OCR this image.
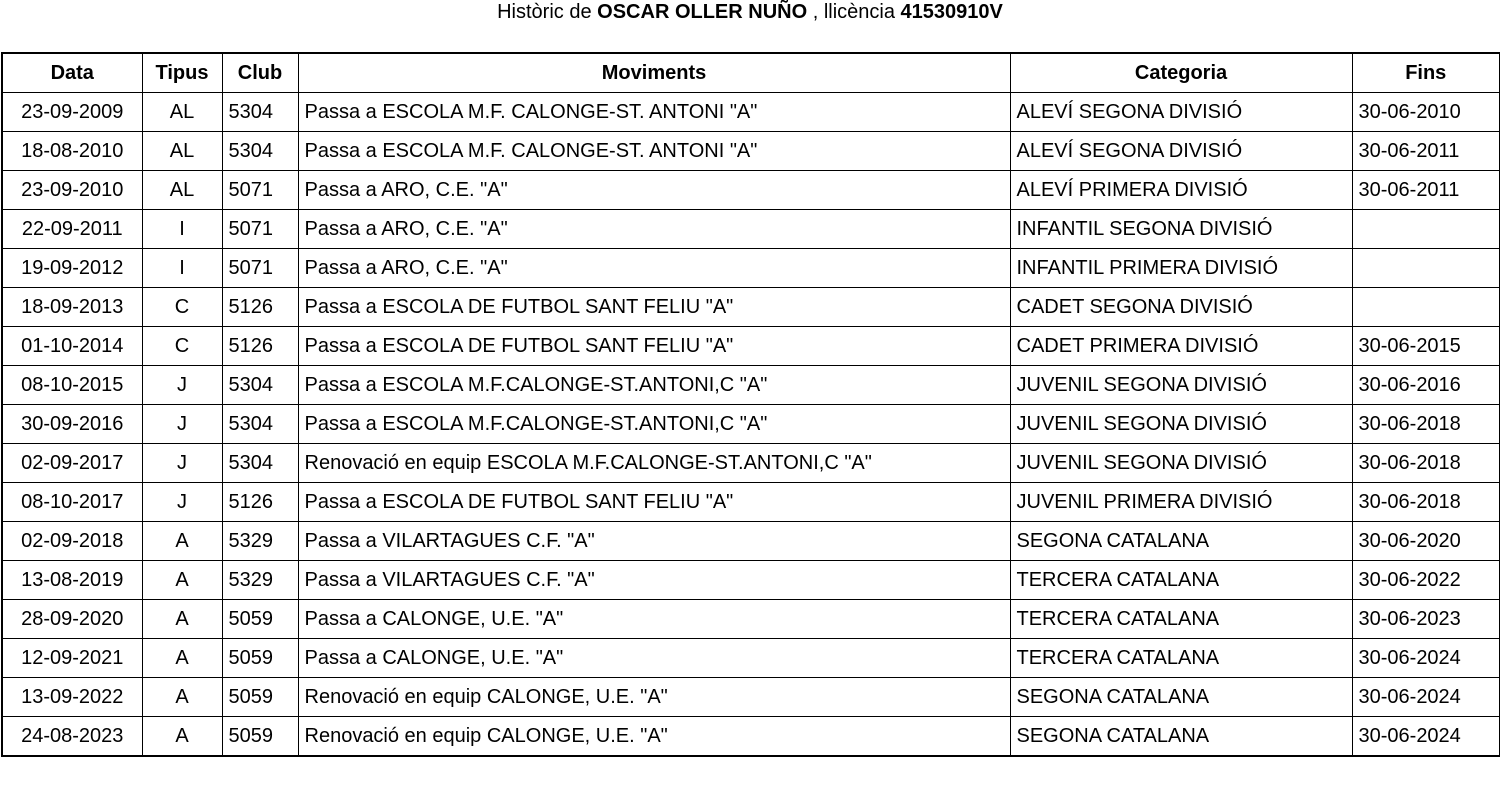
Històric de OSCAR OLLER NUÑO , llicència 41530910V
Data	Tipus	Club	Moviments	Categoria	Fins
23-09-2009	AL	5304	Passa a ESCOLA M.F. CALONGE-ST. ANTONI "A"	ALEVÍ SEGONA DIVISIÓ	30-06-2010
18-08-2010	AL	5304	Passa a ESCOLA M.F. CALONGE-ST. ANTONI "A"	ALEVÍ SEGONA DIVISIÓ	30-06-2011
23-09-2010	AL	5071	Passa a ARO, C.E. "A"	ALEVÍ PRIMERA DIVISIÓ	30-06-2011
22-09-2011	I	5071	Passa a ARO, C.E. "A"	INFANTIL SEGONA DIVISIÓ	
19-09-2012	I	5071	Passa a ARO, C.E. "A"	INFANTIL PRIMERA DIVISIÓ	
18-09-2013	C	5126	Passa a ESCOLA DE FUTBOL SANT FELIU "A"	CADET SEGONA DIVISIÓ	
01-10-2014	C	5126	Passa a ESCOLA DE FUTBOL SANT FELIU "A"	CADET PRIMERA DIVISIÓ	30-06-2015
08-10-2015	J	5304	Passa a ESCOLA M.F.CALONGE-ST.ANTONI,C "A"	JUVENIL SEGONA DIVISIÓ	30-06-2016
30-09-2016	J	5304	Passa a ESCOLA M.F.CALONGE-ST.ANTONI,C "A"	JUVENIL SEGONA DIVISIÓ	30-06-2018
02-09-2017	J	5304	Renovació en equip ESCOLA M.F.CALONGE-ST.ANTONI,C "A"	JUVENIL SEGONA DIVISIÓ	30-06-2018
08-10-2017	J	5126	Passa a ESCOLA DE FUTBOL SANT FELIU "A"	JUVENIL PRIMERA DIVISIÓ	30-06-2018
02-09-2018	A	5329	Passa a VILARTAGUES C.F. "A"	SEGONA CATALANA	30-06-2020
13-08-2019	A	5329	Passa a VILARTAGUES C.F. "A"	TERCERA CATALANA	30-06-2022
28-09-2020	A	5059	Passa a CALONGE, U.E. "A"	TERCERA CATALANA	30-06-2023
12-09-2021	A	5059	Passa a CALONGE, U.E. "A"	TERCERA CATALANA	30-06-2024
13-09-2022	A	5059	Renovació en equip CALONGE, U.E. "A"	SEGONA CATALANA	30-06-2024
24-08-2023	A	5059	Renovació en equip CALONGE, U.E. "A"	SEGONA CATALANA	30-06-2024
